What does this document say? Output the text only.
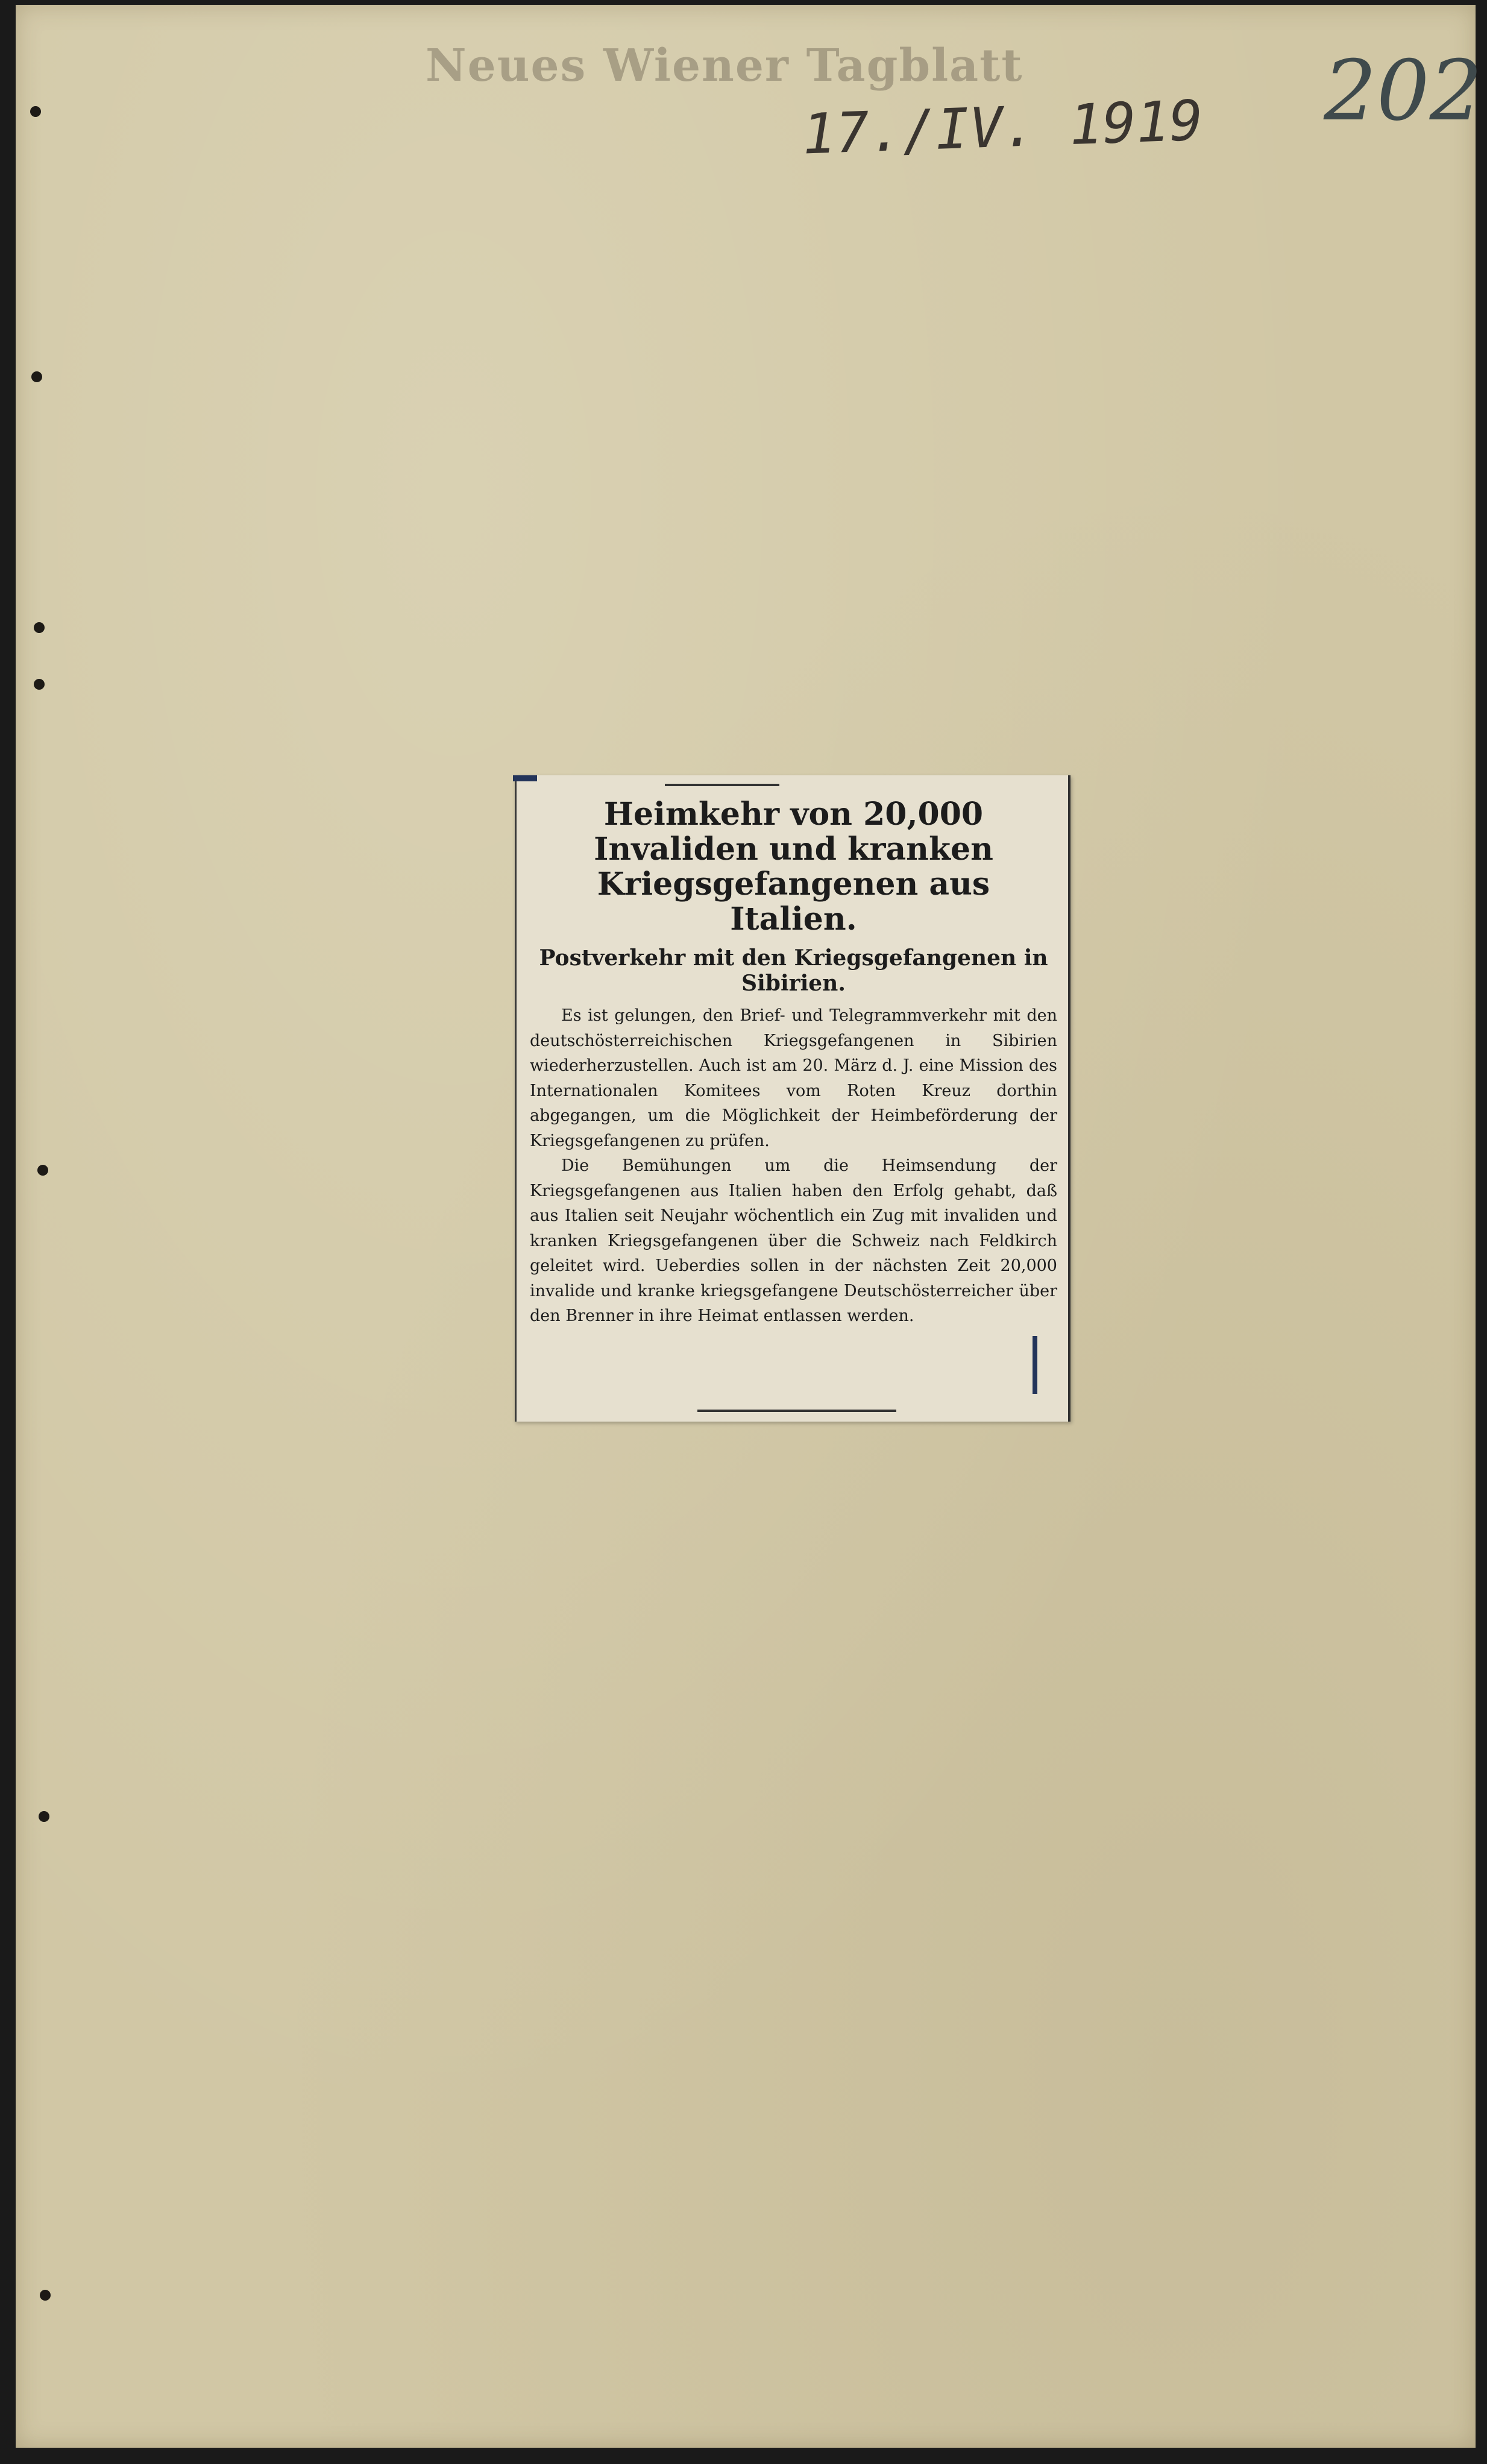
Neues Wiener Tagblatt
17./IV. 1919 202
Heimkehr von 20,000 Invaliden und kranken Kriegsgefangenen aus Italien.
Postverkehr mit den Kriegsgefangenen in Sibirien.

Es ist gelungen, den Brief- und Telegrammverkehr mit den deutschösterreichischen Kriegsgefangenen in Sibirien wiederherzustellen. Auch ist am 20. März d. J. eine Mission des Internationalen Komitees vom Roten Kreuz dorthin abgegangen, um die Möglichkeit der Heimbeförderung der Kriegsgefangenen zu prüfen.

Die Bemühungen um die Heimsendung der Kriegsgefangenen aus Italien haben den Erfolg gehabt, daß aus Italien seit Neujahr wöchentlich ein Zug mit invaliden und kranken Kriegsgefangenen über die Schweiz nach Feldkirch geleitet wird. Ueberdies sollen in der nächsten Zeit 20,000 invalide und kranke kriegsgefangene Deutschösterreicher über den Brenner in ihre Heimat entlassen werden.
